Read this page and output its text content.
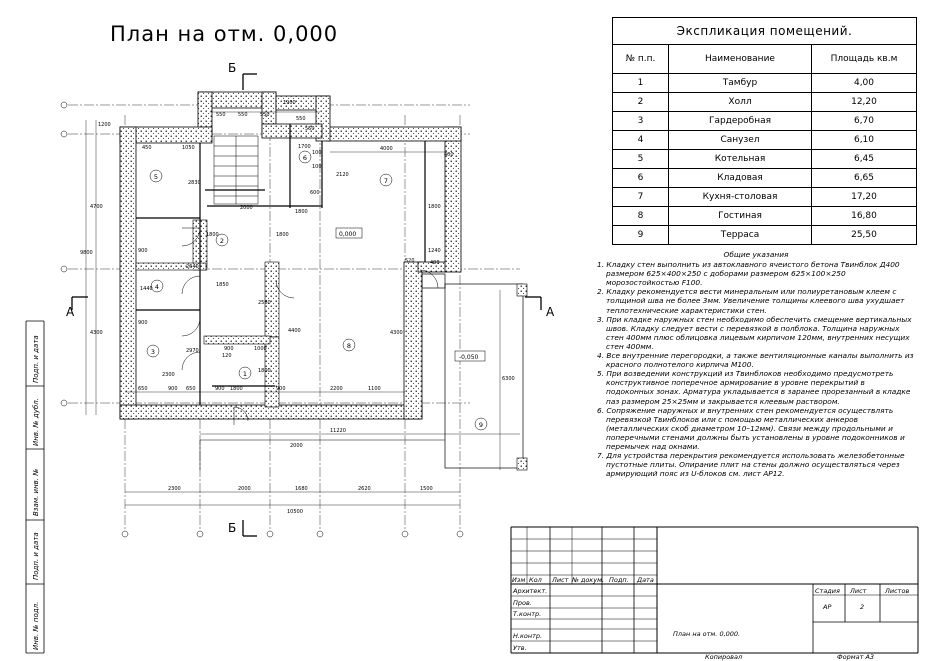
План на отм. 0,000	Экспликация помещений.		
№ п.п.	Наименование	Площадь кв.м
1	Тамбур	4,00
2	Холл	12,20
3	Гардеробная	6,70
4	Санузел	6,10
5	Котельная	6,45
6	Кладовая	6,65
7	Кухня-столовая	17,20
8	Гостиная	16,80
9	Терраса	25,50
Общие указания
1. Кладку стен выполнить из автоклавного ячеистого бетона Твинблок Д400 размером 625×400×250 с доборами размером 625×100×250 морозостойкостью F100.
2. Кладку рекомендуется вести минеральным или полиуретановым клеем с толщиной шва не более 3мм. Увеличение толщины клеевого шва ухудшает теплотехнические характеристики стен.
3. При кладке наружных стен необходимо обеспечить смещение вертикальных швов. Кладку следует вести с перевязкой в полблока. Толщина наружных стен 400мм плюс облицовка лицевым кирпичом 120мм, внутренних несущих стен 400мм.
4. Все внутренние перегородки, а также вентиляционные каналы выполнить из красного полнотелого кирпича М100.
5. При возведении конструкций из Твинблоков необходимо предусмотреть конструктивное поперечное армирование в уровне перекрытий в подоконных зонах. Арматура укладывается в заранее прорезанный в кладке паз размером 25×25мм и закрывается клеевым раствором.
6. Сопряжение наружных и внутренних стен рекомендуется осуществлять перевязкой Твинблоков или с помощью металлических анкеров (металлических скоб диаметром 10–12мм). Связи между продольными и поперечными стенами должны быть установлены в уровне подоконников и перемычек над окнами.
7. Для устройства перекрытия рекомендуется использовать железобетонные пустотные плиты. Опирание плит на стены должно осуществляться через армирующий пояс из U-блоков см. лист АР12.
Б
Б
А	А
1
2
3
4
5
6
7
8
9
0,000
-0,050
550 550 550
1900
550
550
450	1050	4000
1700
2830
2120
100
100
600
1800
2000	1800
4700
1200
9800	900
1440
1850
2640
2560
1800
4400
4300	4300
1240
400
520
900
2970	900
120
1000
1800
2300
650	900 650	1800	2200	1100
900
11220
6300
2000
2300	2000	1680	2620	1500
10500
900
400
1800
Подп. и дата
Инв. № дубл.
Взам. инв. №
Подп. и дата
Инв. № подл.
Изм Кол Лист № докум. Подп. Дата
Архитект.
Пров.
Т.контр.
Н.контр.
Утв.
Стадия Лист	Листов
АР	2
План на отм. 0,000.
Копировал	Формат А3
